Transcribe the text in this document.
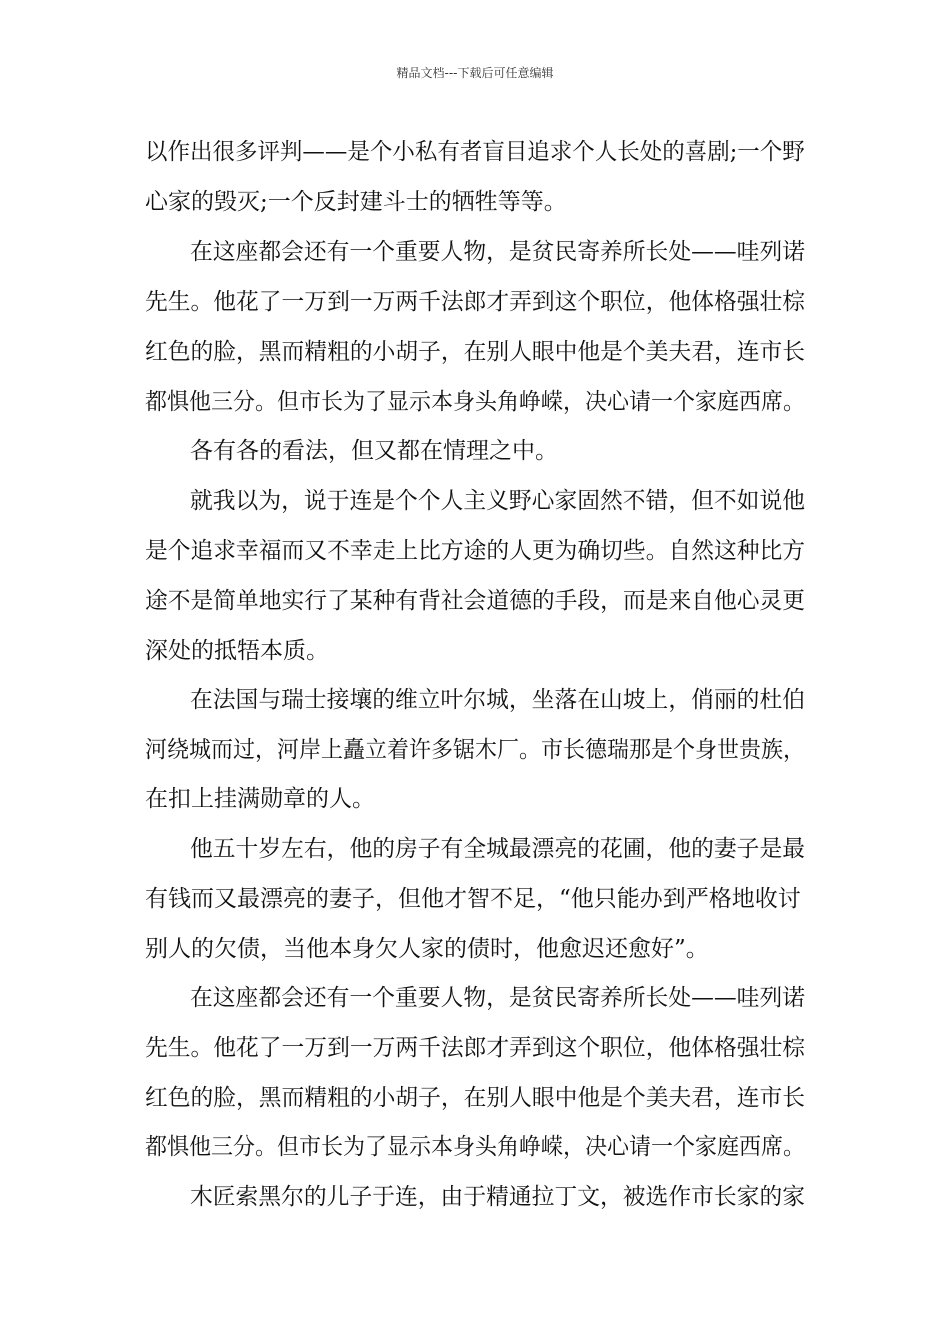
精品文档---下载后可任意编辑
以作出很多评判——是个小私有者盲目追求个人长处的喜剧;一个野
心家的毁灭;一个反封建斗士的牺牲等等。
在这座都会还有一个重要人物，是贫民寄养所长处——哇列诺
先生。他花了一万到一万两千法郎才弄到这个职位，他体格强壮棕
红色的脸，黑而精粗的小胡子，在别人眼中他是个美夫君，连市长
都惧他三分。但市长为了显示本身头角峥嵘，决心请一个家庭西席。
各有各的看法，但又都在情理之中。
就我以为，说于连是个个人主义野心家固然不错，但不如说他
是个追求幸福而又不幸走上比方途的人更为确切些。自然这种比方
途不是简单地实行了某种有背社会道德的手段，而是来自他心灵更
深处的抵牾本质。
在法国与瑞士接壤的维立叶尔城，坐落在山坡上，俏丽的杜伯
河绕城而过，河岸上矗立着许多锯木厂。市长德瑞那是个身世贵族，
在扣上挂满勋章的人。
他五十岁左右，他的房子有全城最漂亮的花圃，他的妻子是最
有钱而又最漂亮的妻子，但他才智不足，“他只能办到严格地收讨
别人的欠债，当他本身欠人家的债时，他愈迟还愈好”。
在这座都会还有一个重要人物，是贫民寄养所长处——哇列诺
先生。他花了一万到一万两千法郎才弄到这个职位，他体格强壮棕
红色的脸，黑而精粗的小胡子，在别人眼中他是个美夫君，连市长
都惧他三分。但市长为了显示本身头角峥嵘，决心请一个家庭西席。
木匠索黑尔的儿子于连，由于精通拉丁文，被选作市长家的家
